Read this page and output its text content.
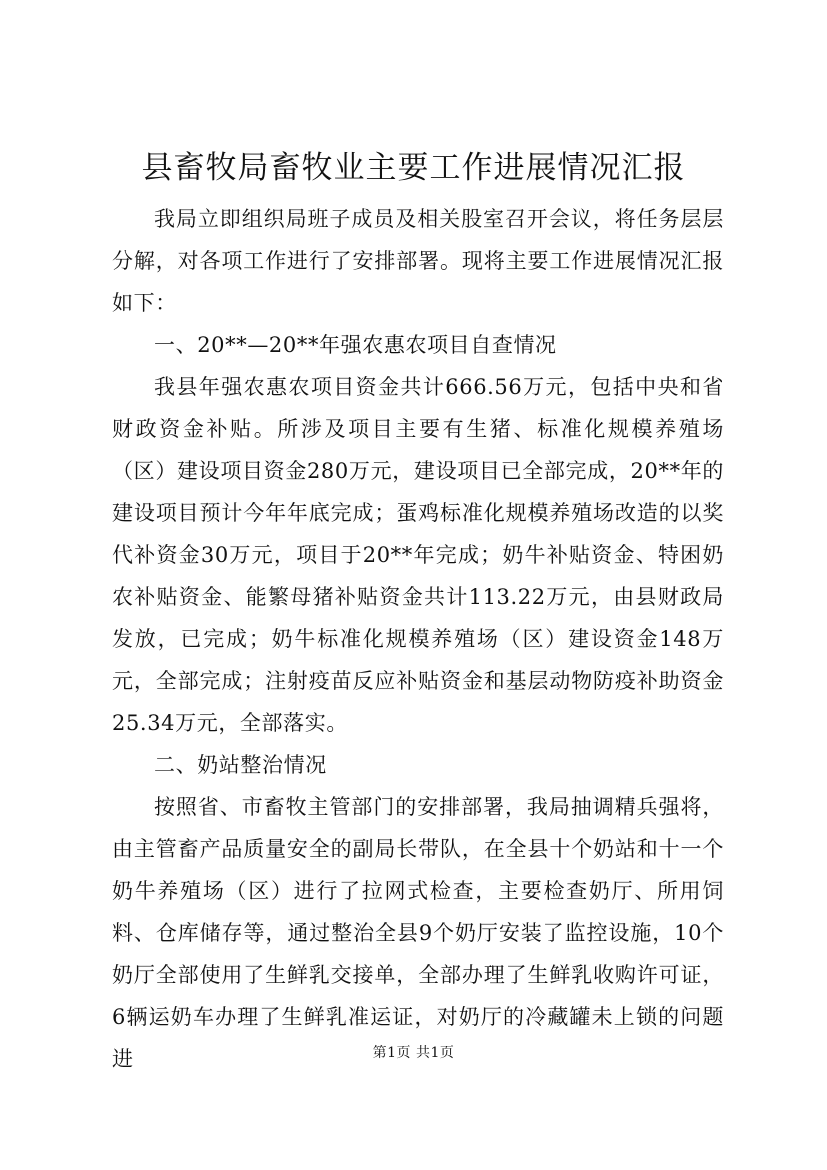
县畜牧局畜牧业主要工作进展情况汇报

我局立即组织局班子成员及相关股室召开会议，将任务层层分解，对各项工作进行了安排部署。现将主要工作进展情况汇报如下：

一、20**—20**年强农惠农项目自查情况

我县年强农惠农项目资金共计666.56万元，包括中央和省财政资金补贴。所涉及项目主要有生猪、标准化规模养殖场（区）建设项目资金280万元，建设项目已全部完成，20**年的建设项目预计今年年底完成；蛋鸡标准化规模养殖场改造的以奖代补资金30万元，项目于20**年完成；奶牛补贴资金、特困奶农补贴资金、能繁母猪补贴资金共计113.22万元，由县财政局发放，已完成；奶牛标准化规模养殖场（区）建设资金148万元，全部完成；注射疫苗反应补贴资金和基层动物防疫补助资金25.34万元，全部落实。

二、奶站整治情况

按照省、市畜牧主管部门的安排部署，我局抽调精兵强将，由主管畜产品质量安全的副局长带队，在全县十个奶站和十一个奶牛养殖场（区）进行了拉网式检查，主要检查奶厅、所用饲料、仓库储存等，通过整治全县9个奶厅安装了监控设施，10个奶厅全部使用了生鲜乳交接单，全部办理了生鲜乳收购许可证，6辆运奶车办理了生鲜乳准运证，对奶厅的冷藏罐未上锁的问题进	第1页 共1页
